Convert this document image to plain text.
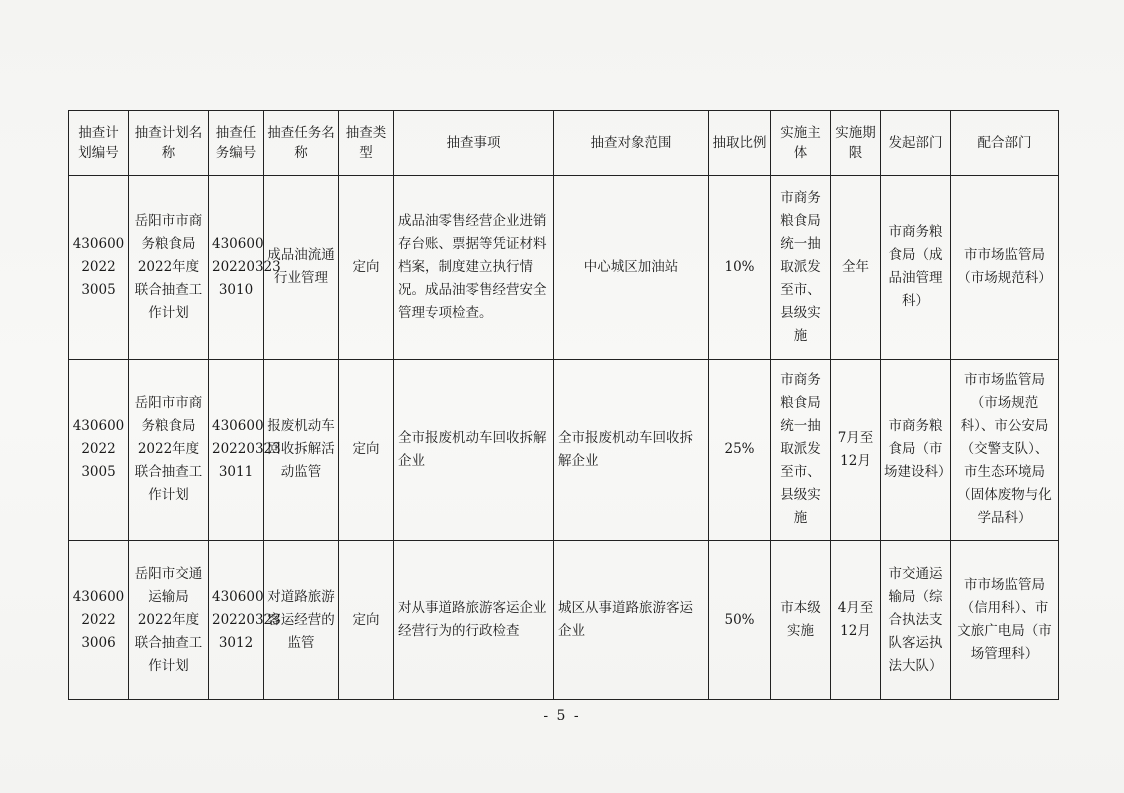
抽查计划编号	抽查计划名称	抽查任务编号	抽查任务名称	抽查类型	抽查事项	抽查对象范围	抽取比例	实施主体	实施期限	发起部门	配合部门
430600 2022 3005	岳阳市市商务粮食局2022年度联合抽查工作计划	430600 20220323 3010	成品油流通行业管理	定向	成品油零售经营企业进销存台账、票据等凭证材料档案，制度建立执行情况。成品油零售经营安全管理专项检查。	中心城区加油站	10%	市商务粮食局统一抽取派发至市、县级实施	全年	市商务粮食局（成品油管理科）	市市场监管局（市场规范科）
430600 2022 3005	岳阳市市商务粮食局2022年度联合抽查工作计划	430600 20220323 3011	报废机动车回收拆解活动监管	定向	全市报废机动车回收拆解企业	全市报废机动车回收拆解企业	25%	市商务粮食局统一抽取派发至市、县级实施	7月至12月	市商务粮食局（市场建设科）	市市场监管局（市场规范科）、市公安局（交警支队）、市生态环境局（固体废物与化学品科）
430600 2022 3006	岳阳市交通运输局2022年度联合抽查工作计划	430600 20220323 3012	对道路旅游客运经营的监管	定向	对从事道路旅游客运企业经营行为的行政检查	城区从事道路旅游客运企业	50%	市本级实施	4月至12月	市交通运输局（综合执法支队客运执法大队）	市市场监管局（信用科）、市文旅广电局（市场管理科）
- 5 -
